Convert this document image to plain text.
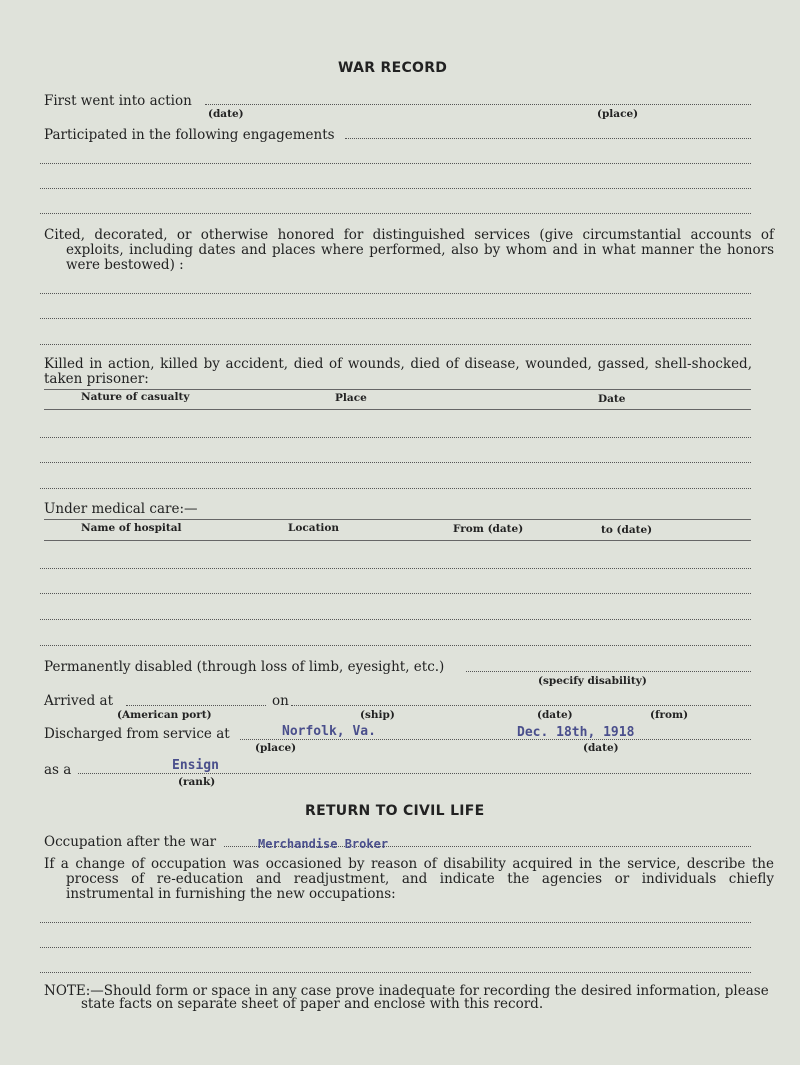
WAR RECORD
First went into action
(date)	(place)
Participated in the following engagements
Cited, decorated, or otherwise honored for distinguished services (give circumstantial accounts of exploits, including dates and places where performed, also by whom and in what manner the honors were bestowed) :
Killed in action, killed by accident, died of wounds, died of disease, wounded, gassed, shell-shocked, taken prisoner:
Nature of casualty	Place	Date
Under medical care:—
Name of hospital	Location	From (date)	to (date)
Permanently disabled (through loss of limb, eyesight, etc.)
(specify disability)
Arrived at	on
(American port)	(ship)	(date)	(from)
Discharged from service at	Norfolk, Va.	Dec. 18th, 1918
(place)	(date)
as a	Ensign
(rank)
RETURN TO CIVIL LIFE
Occupation after the war	Merchandise Broker
If a change of occupation was occasioned by reason of disability acquired in the service, describe the process of re-education and readjustment, and indicate the agencies or individuals chiefly instrumental in furnishing the new occupations:
NOTE:—Should form or space in any case prove inadequate for recording the desired information, please state facts on separate sheet of paper and enclose with this record.
